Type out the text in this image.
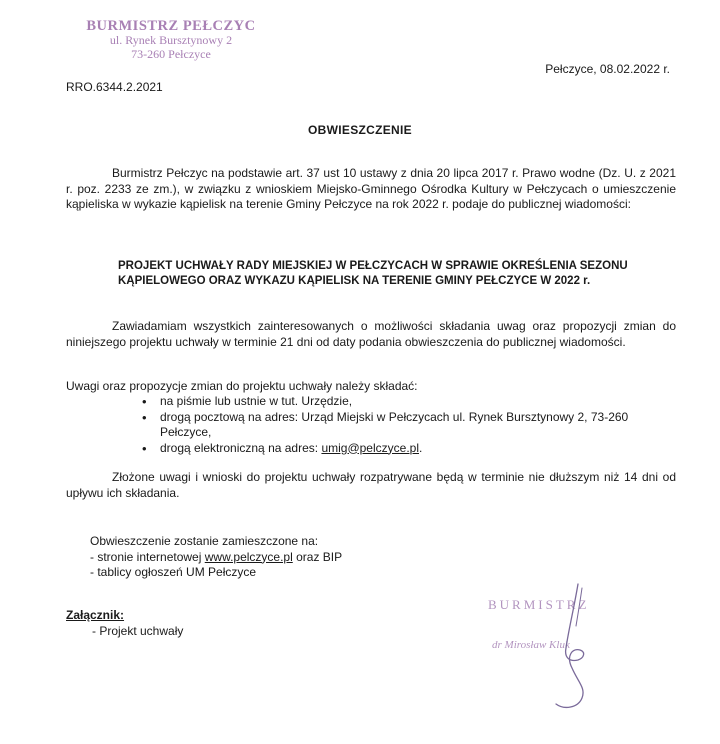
BURMISTRZ PEŁCZYC
ul. Rynek Bursztynowy 2
73-260 Pełczyce
Pełczyce, 08.02.2022 r.
RRO.6344.2.2021
OBWIESZCZENIE

Burmistrz Pełczyc na podstawie art. 37 ust 10 ustawy z dnia 20 lipca 2017 r. Prawo wodne (Dz. U. z 2021 r. poz. 2233 ze zm.), w związku z wnioskiem Miejsko-Gminnego Ośrodka Kultury w Pełczycach o umieszczenie kąpieliska w wykazie kąpielisk na terenie Gminy Pełczyce na rok 2022 r. podaje do publicznej wiadomości:

PROJEKT UCHWAŁY RADY MIEJSKIEJ W PEŁCZYCACH W SPRAWIE OKREŚLENIA SEZONU KĄPIELOWEGO ORAZ WYKAZU KĄPIELISK NA TERENIE GMINY PEŁCZYCE W 2022 r.

Zawiadamiam wszystkich zainteresowanych o możliwości składania uwag oraz propozycji zmian do niniejszego projektu uchwały w terminie 21 dni od daty podania obwieszczenia do publicznej wiadomości.

Uwagi oraz propozycje zmian do projektu uchwały należy składać:

• na piśmie lub ustnie w tut. Urzędzie,
• drogą pocztową na adres: Urząd Miejski w Pełczycach ul. Rynek Bursztynowy 2, 73-260 Pełczyce,
• drogą elektroniczną na adres: umig@pelczyce.pl.

Złożone uwagi i wnioski do projektu uchwały rozpatrywane będą w terminie nie dłuższym niż 14 dni od upływu ich składania.

Obwieszczenie zostanie zamieszczone na:
- stronie internetowej www.pelczyce.pl oraz BIP
- tablicy ogłoszeń UM Pełczyce
Załącznik:
- Projekt uchwały
BURMISTRZ
dr Mirosław Kluk
